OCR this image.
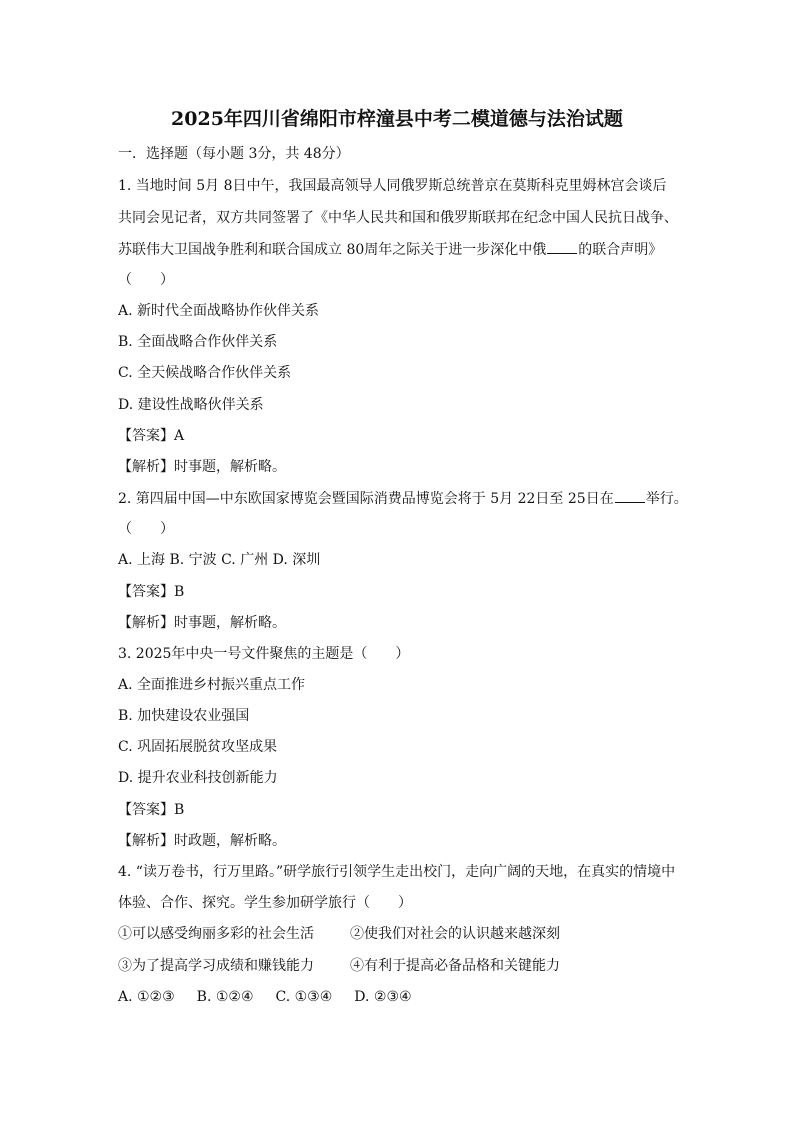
2025年四川省绵阳市梓潼县中考二模道德与法治试题
一．选择题（每小题 3分，共 48分）
1. 当地时间 5月 8日中午，我国最高领导人同俄罗斯总统普京在莫斯科克里姆林宫会谈后
共同会见记者，双方共同签署了《中华人民共和国和俄罗斯联邦在纪念中国人民抗日战争、
苏联伟大卫国战争胜利和联合国成立 80周年之际关于进一步深化中俄 的联合声明》
（　　）
A. 新时代全面战略协作伙伴关系
B. 全面战略合作伙伴关系
C. 全天候战略合作伙伴关系
D. 建设性战略伙伴关系
【答案】A
【解析】时事题，解析略。
2. 第四届中国—中东欧国家博览会暨国际消费品博览会将于 5月 22日至 25日在 举行。
（　　）
A. 上海 B. 宁波 C. 广州 D. 深圳
【答案】B
【解析】时事题，解析略。
3. 2025年中央一号文件聚焦的主题是（　　）
A. 全面推进乡村振兴重点工作
B. 加快建设农业强国
C. 巩固拓展脱贫攻坚成果
D. 提升农业科技创新能力
【答案】B
【解析】时政题，解析略。
4. “读万卷书，行万里路。”研学旅行引领学生走出校门，走向广阔的天地，在真实的情境中
体验、合作、探究。学生参加研学旅行（　　）
①可以感受绚丽多彩的社会生活	②使我们对社会的认识越来越深刻
③为了提高学习成绩和赚钱能力	④有利于提高必备品格和关键能力
A. ①②③ B. ①②④ C. ①③④ D. ②③④
